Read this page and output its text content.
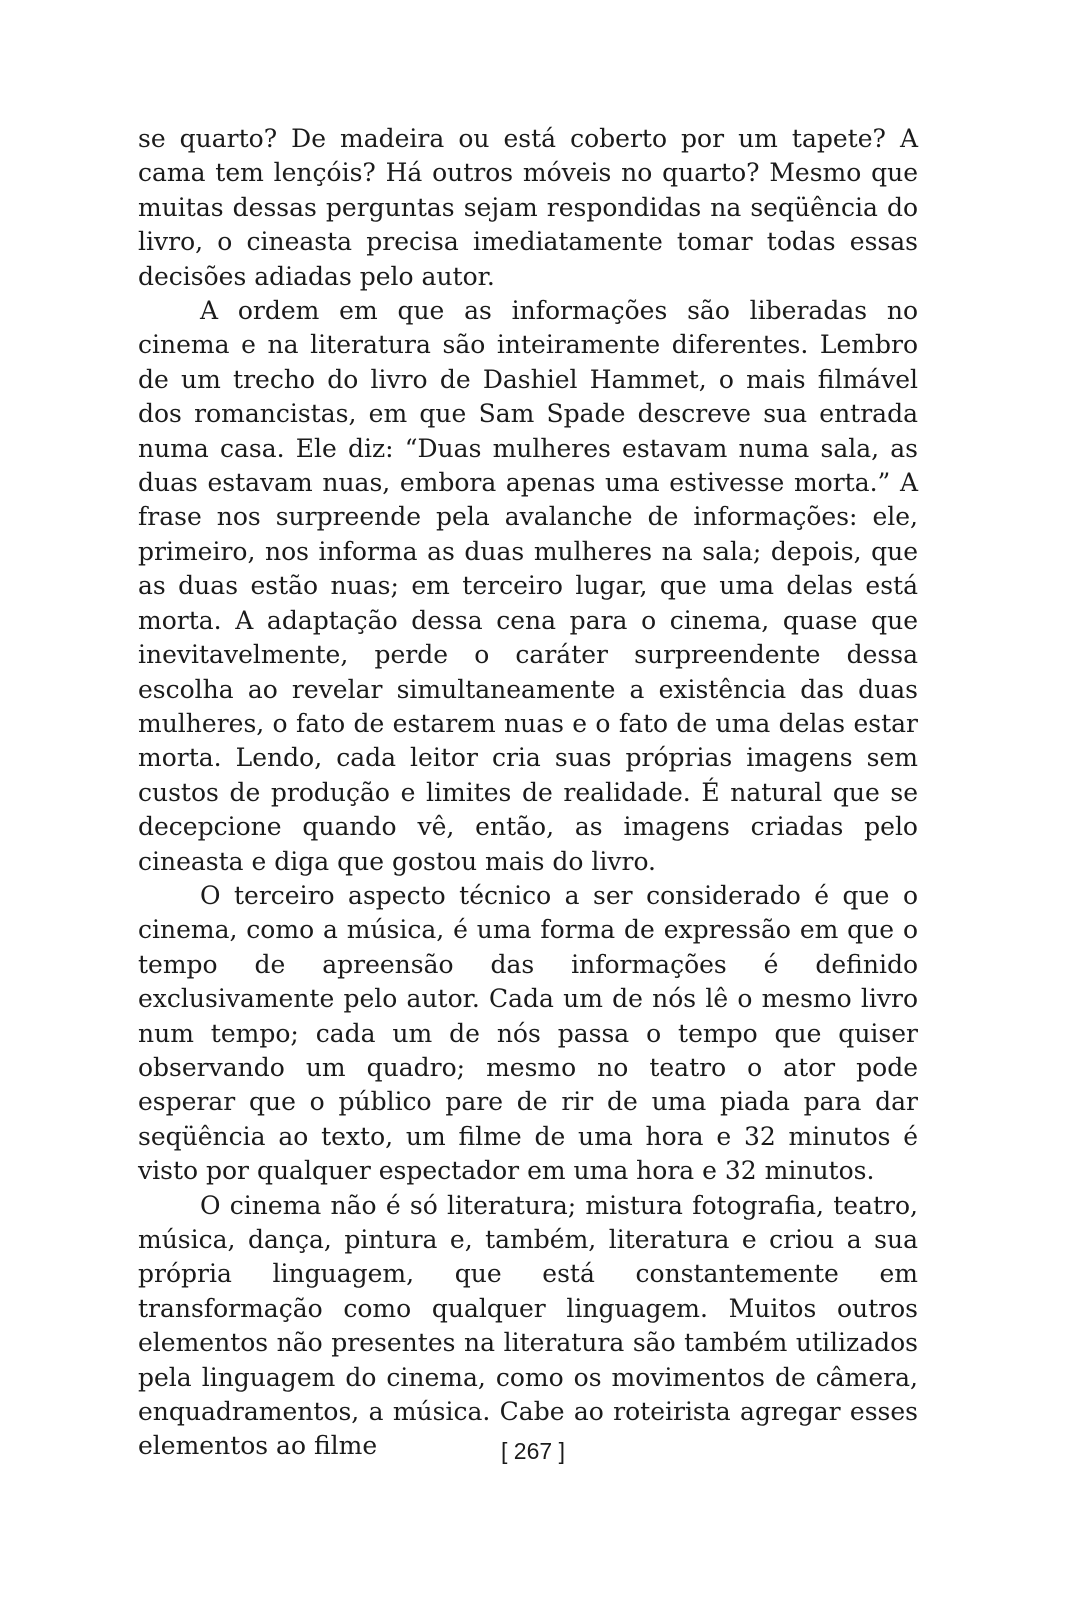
se quarto? De madeira ou está coberto por um tapete? A cama tem lençóis? Há outros móveis no quarto? Mesmo que muitas dessas perguntas sejam respondidas na seqüência do livro, o cineasta precisa imediatamente tomar todas essas decisões adiadas pelo autor.

A ordem em que as informações são liberadas no cinema e na literatura são inteiramente diferentes. Lembro de um trecho do livro de Dashiel Hammet, o mais filmável dos romancistas, em que Sam Spade descreve sua entrada numa casa. Ele diz: “Duas mulheres estavam numa sala, as duas estavam nuas, embora apenas uma estivesse morta.” A frase nos surpreende pela avalanche de informações: ele, primeiro, nos informa as duas mulheres na sala; depois, que as duas estão nuas; em terceiro lugar, que uma delas está morta. A adaptação dessa cena para o cinema, quase que inevitavelmente, perde o caráter surpreendente dessa escolha ao revelar simultaneamente a existência das duas mulheres, o fato de estarem nuas e o fato de uma delas estar morta. Lendo, cada leitor cria suas próprias imagens sem custos de produção e limites de realidade. É natural que se decepcione quando vê, então, as imagens criadas pelo cineasta e diga que gostou mais do livro.

O terceiro aspecto técnico a ser considerado é que o cinema, como a música, é uma forma de expressão em que o tempo de apreensão das informações é definido exclusivamente pelo autor. Cada um de nós lê o mesmo livro num tempo; cada um de nós passa o tempo que quiser observando um quadro; mesmo no teatro o ator pode esperar que o público pare de rir de uma piada para dar seqüência ao texto, um filme de uma hora e 32 minutos é visto por qualquer espectador em uma hora e 32 minutos.

O cinema não é só literatura; mistura fotografia, teatro, música, dança, pintura e, também, literatura e criou a sua própria linguagem, que está constantemente em transformação como qualquer linguagem. Muitos outros elementos não presentes na literatura são também utilizados pela linguagem do cinema, como os movimentos de câmera, enquadramentos, a música. Cabe ao roteirista agregar esses elementos ao filme	[ 267 ]
